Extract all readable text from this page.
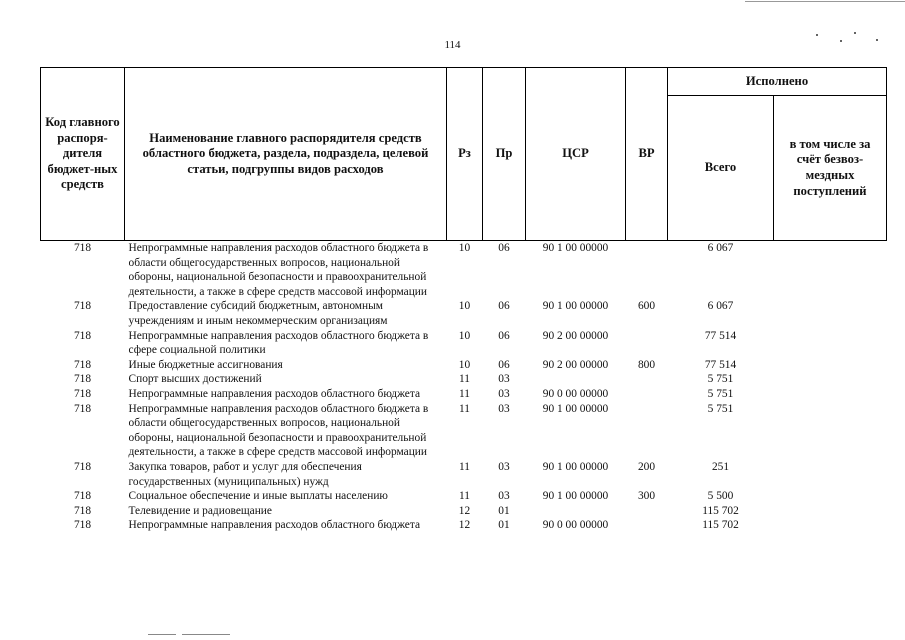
114
Код главного распоря-дителя бюджет-ных средств	Наименование главного распорядителя средств областного бюджета, раздела, подраздела, целевой статьи, подгруппы видов расходов	Рз	Пр	ЦСР	ВР	Исполнено	
						Всего	в том числе за счёт безвоз-мездных поступлений
718	Непрограммные направления расходов областного бюджета в области общегосударственных вопросов, национальной обороны, национальной безопасности и правоохранительной деятельности, а также в сфере средств массовой информации	10	06	90 1 00 00000		6 067	
718	Предоставление субсидий бюджетным, автономным учреждениям и иным некоммерческим организациям	10	06	90 1 00 00000	600	6 067	
718	Непрограммные направления расходов областного бюджета в сфере социальной политики	10	06	90 2 00 00000		77 514	
718	Иные бюджетные ассигнования	10	06	90 2 00 00000	800	77 514	
718	Спорт высших достижений	11	03			5 751	
718	Непрограммные направления расходов областного бюджета	11	03	90 0 00 00000		5 751	
718	Непрограммные направления расходов областного бюджета в области общегосударственных вопросов, национальной обороны, национальной безопасности и правоохранительной деятельности, а также в сфере средств массовой информации	11	03	90 1 00 00000		5 751	
718	Закупка товаров, работ и услуг для обеспечения государственных (муниципальных) нужд	11	03	90 1 00 00000	200	251	
718	Социальное обеспечение и иные выплаты населению	11	03	90 1 00 00000	300	5 500	
718	Телевидение и радиовещание	12	01			115 702	
718	Непрограммные направления расходов областного бюджета	12	01	90 0 00 00000		115 702	
